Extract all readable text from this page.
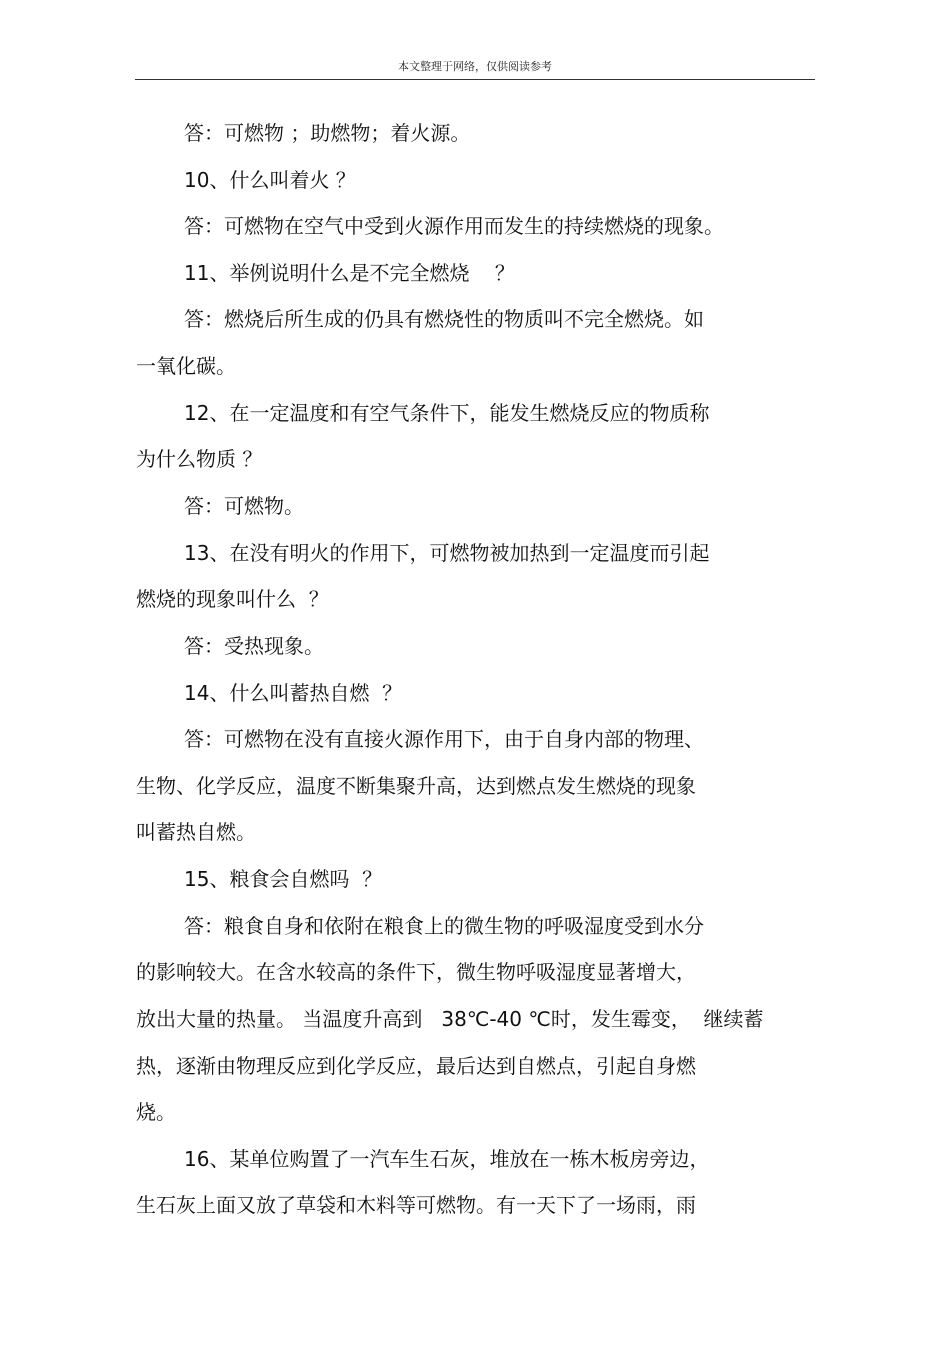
本文整理于网络，仅供阅读参考
答：可燃物 ；助燃物；着火源。
10、什么叫着火 ？
答：可燃物在空气中受到火源作用而发生的持续燃烧的现象。
11、举例说明什么是不完全燃烧    ？
答：燃烧后所生成的仍具有燃烧性的物质叫不完全燃烧。如
一氧化碳。
12、在一定温度和有空气条件下，能发生燃烧反应的物质称
为什么物质 ？
答：可燃物。
13、在没有明火的作用下，可燃物被加热到一定温度而引起
燃烧的现象叫什么  ？
答：受热现象。
14、什么叫蓄热自燃  ？
答：可燃物在没有直接火源作用下，由于自身内部的物理、
生物、化学反应，温度不断集聚升高，达到燃点发生燃烧的现象
叫蓄热自燃。
15、粮食会自燃吗  ？
答：粮食自身和依附在粮食上的微生物的呼吸湿度受到水分
的影响较大。在含水较高的条件下，微生物呼吸湿度显著增大，
放出大量的热量。 当温度升高到   38℃-40 ℃时，发生霉变，  继续蓄
热，逐渐由物理反应到化学反应，最后达到自燃点，引起自身燃
烧。
16、某单位购置了一汽车生石灰，堆放在一栋木板房旁边，
生石灰上面又放了草袋和木料等可燃物。有一天下了一场雨，雨
